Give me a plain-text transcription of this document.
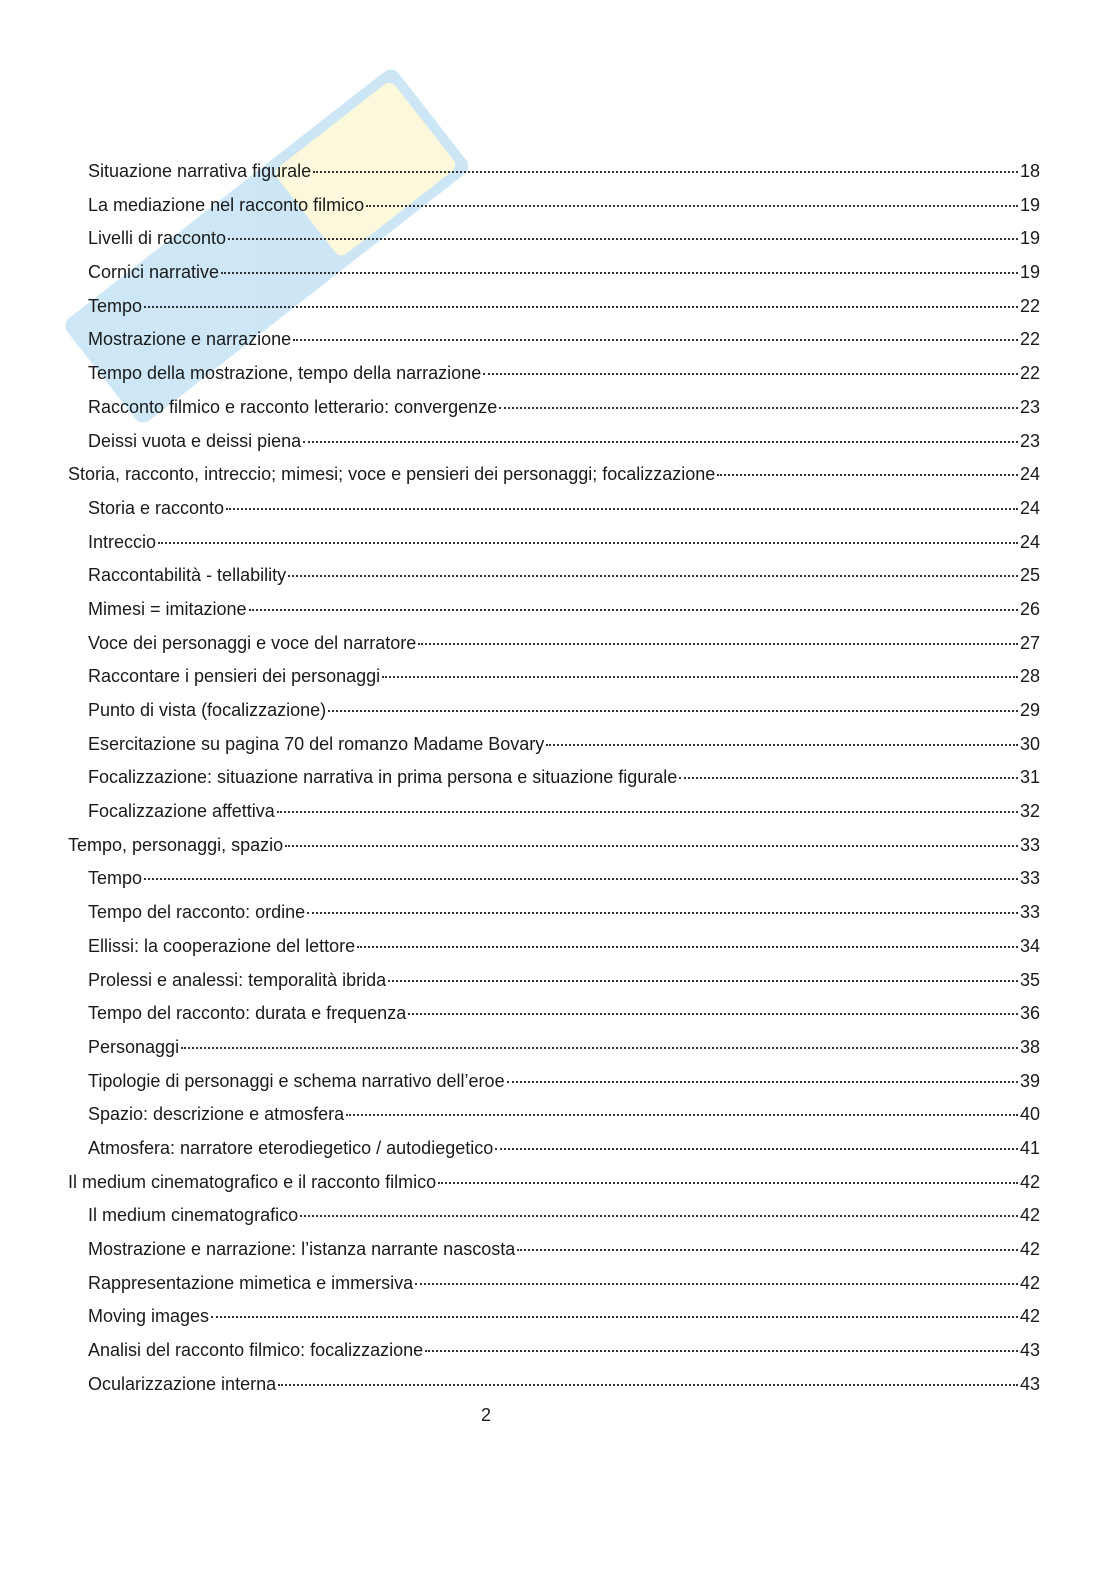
Situazione narrativa figurale	18
La mediazione nel racconto filmico	19
Livelli di racconto	19
Cornici narrative	19
Tempo	22
Mostrazione e narrazione	22
Tempo della mostrazione, tempo della narrazione	22
Racconto filmico e racconto letterario: convergenze	23
Deissi vuota e deissi piena	23
Storia, racconto, intreccio; mimesi; voce e pensieri dei personaggi; focalizzazione	24
Storia e racconto	24
Intreccio	24
Raccontabilità - tellability	25
Mimesi = imitazione	26
Voce dei personaggi e voce del narratore	27
Raccontare i pensieri dei personaggi	28
Punto di vista (focalizzazione)	29
Esercitazione su pagina 70 del romanzo Madame Bovary	30
Focalizzazione: situazione narrativa in prima persona e situazione figurale	31
Focalizzazione affettiva	32
Tempo, personaggi, spazio	33
Tempo	33
Tempo del racconto: ordine	33
Ellissi: la cooperazione del lettore	34
Prolessi e analessi: temporalità ibrida	35
Tempo del racconto: durata e frequenza	36
Personaggi	38
Tipologie di personaggi e schema narrativo dell’eroe	39
Spazio: descrizione e atmosfera	40
Atmosfera: narratore eterodiegetico / autodiegetico	41
Il medium cinematografico e il racconto filmico	42
Il medium cinematografico	42
Mostrazione e narrazione: l’istanza narrante nascosta	42
Rappresentazione mimetica e immersiva	42
Moving images	42
Analisi del racconto filmico: focalizzazione	43
Ocularizzazione interna	43
2
